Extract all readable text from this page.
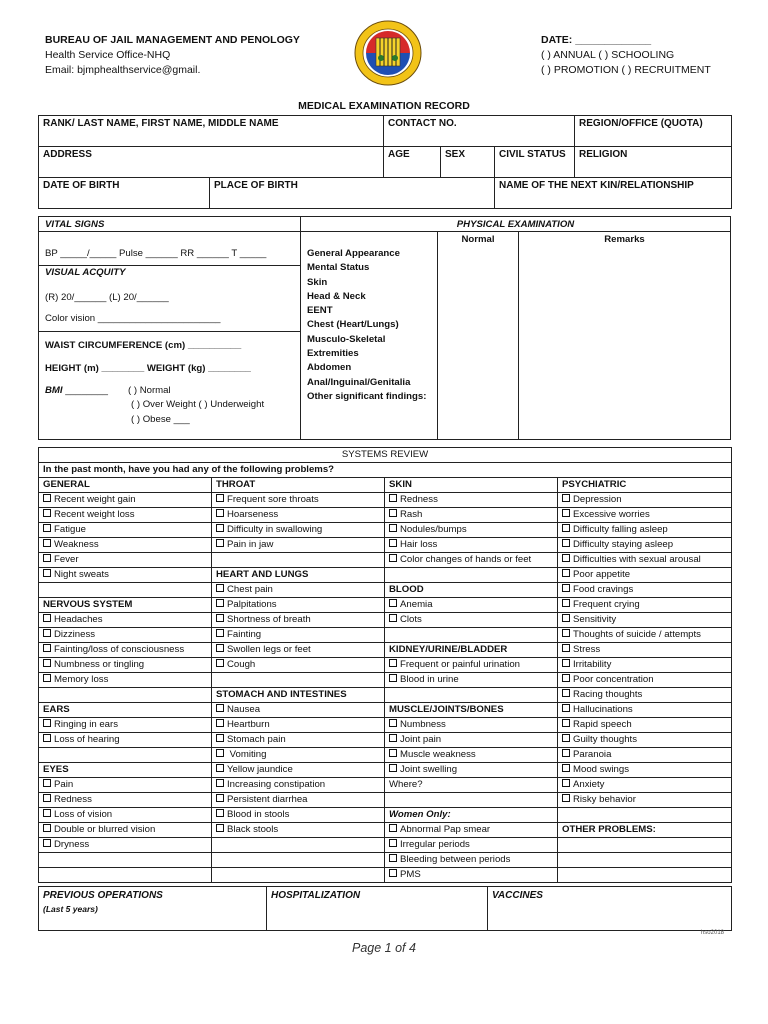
BUREAU OF JAIL MANAGEMENT AND PENOLOGY
Health Service Office-NHQ
Email: bjmphealthservice@gmail.
DATE: _____________
( ) ANNUAL ( ) SCHOOLING
( ) PROMOTION ( ) RECRUITMENT
MEDICAL EXAMINATION RECORD
RANK/ LAST NAME, FIRST NAME, MIDDLE NAME		CONTACT NO.			REGION/OFFICE (QUOTA)
ADDRESS		AGE	SEX	CIVIL STATUS	RELIGION
DATE OF BIRTH	PLACE OF BIRTH			NAME OF THE NEXT KIN/RELATIONSHIP	
VITAL SIGNS	PHYSICAL EXAMINATION
BP _____/_____ Pulse ______ RR ______ T _____
VISUAL ACQUITY
(R) 20/______ (L) 20/______
Color vision _______________________
WAIST CIRCUMFERENCE (cm) __________
HEIGHT (m) ________ WEIGHT (kg) ________
BMI ________ ( ) Normal
( ) Over Weight ( ) Underweight
( ) Obese ___
Normal	Remarks
General Appearance
Mental Status
Skin
Head & Neck
EENT
Chest (Heart/Lungs)
Musculo-Skeletal
Extremities
Abdomen
Anal/Inguinal/Genitalia
Other significant findings:
SYSTEMS REVIEW			
In the past month, have you had any of the following problems?			
GENERAL	THROAT	SKIN	PSYCHIATRIC
Recent weight gain	Frequent sore throats	Redness	Depression
Recent weight loss	Hoarseness	Rash	Excessive worries
Fatigue	Difficulty in swallowing	Nodules/bumps	Difficulty falling asleep
Weakness	Pain in jaw	Hair loss	Difficulty staying asleep
Fever		Color changes of hands or feet	Difficulties with sexual arousal
Night sweats	HEART AND LUNGS		Poor appetite
	Chest pain	BLOOD	Food cravings
NERVOUS SYSTEM	Palpitations	Anemia	Frequent crying
Headaches	Shortness of breath	Clots	Sensitivity
Dizziness	Fainting		Thoughts of suicide / attempts
Fainting/loss of consciousness	Swollen legs or feet	KIDNEY/URINE/BLADDER	Stress
Numbness or tingling	Cough	Frequent or painful urination	Irritability
Memory loss		Blood in urine	Poor concentration
	STOMACH AND INTESTINES		Racing thoughts
EARS	Nausea	MUSCLE/JOINTS/BONES	Hallucinations
Ringing in ears	Heartburn	Numbness	Rapid speech
Loss of hearing	Stomach pain	Joint pain	Guilty thoughts
	Vomiting	Muscle weakness	Paranoia
EYES	Yellow jaundice	Joint swelling	Mood swings
Pain	Increasing constipation	Where?	Anxiety
Redness	Persistent diarrhea		Risky behavior
Loss of vision	Blood in stools	Women Only:	
Double or blurred vision	Black stools	Abnormal Pap smear	OTHER PROBLEMS:
Dryness		Irregular periods	
		Bleeding between periods	
		PMS	
PREVIOUS OPERATIONS
(Last 5 years)
	HOSPITALIZATION	VACCINES
hso2018
Page 1 of 4
